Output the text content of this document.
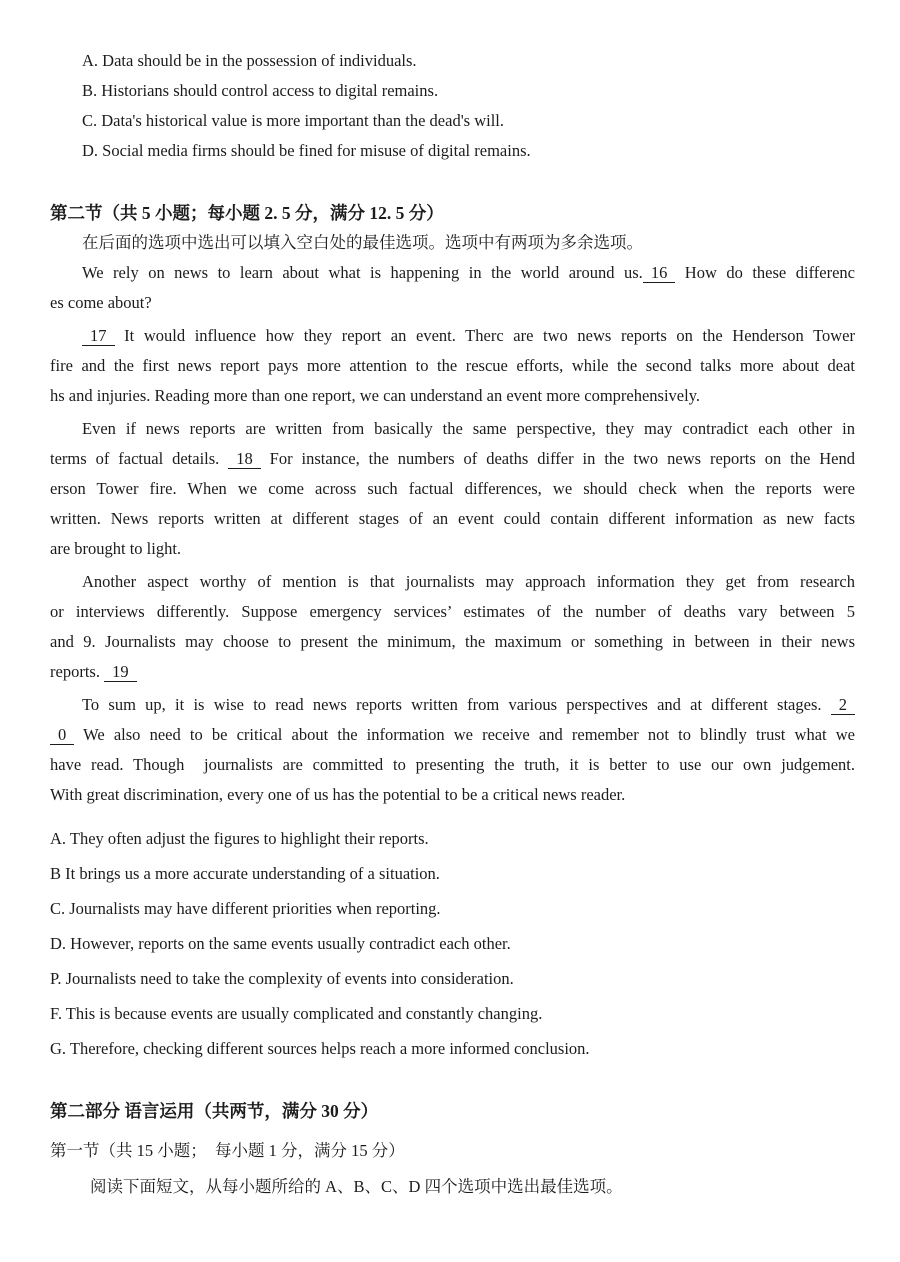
A. Data should be in the possession of individuals.
B. Historians should control access to digital remains.
C. Data's historical value is more important than the dead's will.
D. Social media firms should be fined for misuse of digital remains.
第二节（共 5 小题；每小题 2. 5 分，满分 12. 5 分）
在后面的选项中选出可以填入空白处的最佳选项。选项中有两项为多余选项。
We rely on news to learn about what is happening in the world around us. 16 How do these differenc
es come about?
17 It would influence how they report an event. Therc are two news reports on the Henderson Tower
fire and the first news report pays more attention to the rescue efforts, while the second talks more about deat
hs and injuries. Reading more than one report, we can understand an event more comprehensively.
Even if news reports are written from basically the same perspective, they may contradict each other in
terms of factual details. 18 For instance, the numbers of deaths differ in the two news reports on the Hend
erson Tower fire. When we come across such factual differences, we should check when the reports were
written. News reports written at different stages of an event could contain different information as new facts
are brought to light.
Another aspect worthy of mention is that journalists may approach information they get from research
or interviews differently. Suppose emergency services’ estimates of the number of deaths vary between 5
and 9. Journalists may choose to present the minimum, the maximum or something in between in their news
reports. 19
To sum up, it is wise to read news reports written from various perspectives and at different stages. 2
0 We also need to be critical about the information we receive and remember not to blindly trust what we
have read. Though  journalists are committed to presenting the truth, it is better to use our own judgement.
With great discrimination, every one of us has the potential to be a critical news reader.
A. They often adjust the figures to highlight their reports.
B It brings us a more accurate understanding of a situation.
C. Journalists may have different priorities when reporting.
D. However, reports on the same events usually contradict each other.
P. Journalists need to take the complexity of events into consideration.
F. This is because events are usually complicated and constantly changing.
G. Therefore, checking different sources helps reach a more informed conclusion.
第二部分 语言运用（共两节，满分 30 分）
第一节（共 15 小题；  每小题 1 分，满分 15 分）
阅读下面短文，从每小题所给的 A、B、C、D 四个选项中选出最佳选项。
